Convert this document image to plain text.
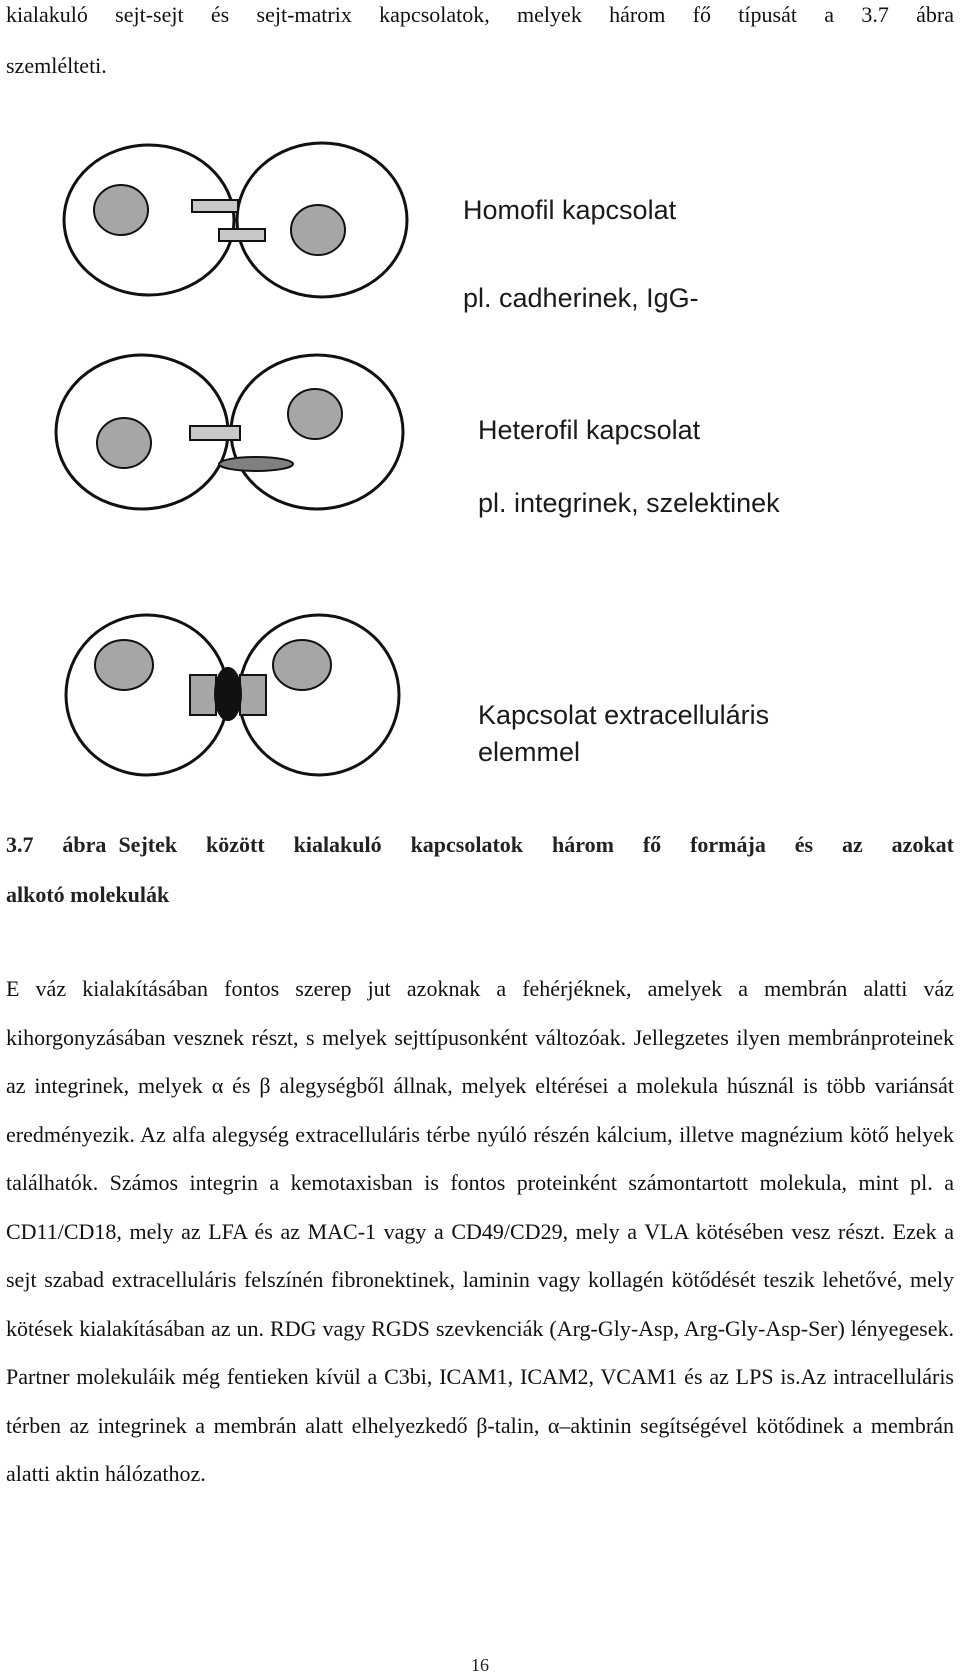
kialakuló sejt-sejt és sejt-matrix kapcsolatok, melyek három fő típusát a 3.7 ábra
szemlélteti.
Homofil kapcsolat
pl. cadherinek, IgG-
Heterofil kapcsolat
pl. integrinek, szelektinek
Kapcsolat extracelluláris
elemmel
3.7 ábra Sejtek között kialakuló kapcsolatok három fő formája és az azokat
alkotó molekulák

E váz kialakításában fontos szerep jut azoknak a fehérjéknek, amelyek a membrán alatti váz kihorgonyzásában vesznek részt, s melyek sejttípusonként változóak. Jellegzetes ilyen membránproteinek az integrinek, melyek α és β alegységből állnak, melyek eltérései a molekula húsznál is több variánsát eredményezik. Az alfa alegység extracelluláris térbe nyúló részén kálcium, illetve magnézium kötő helyek találhatók. Számos integrin a kemotaxisban is fontos proteinként számontartott molekula, mint pl. a CD11/CD18, mely az LFA és az MAC-1 vagy a CD49/CD29, mely a VLA kötésében vesz részt. Ezek a sejt szabad extracelluláris felszínén fibronektinek, laminin vagy kollagén kötődését teszik lehetővé, mely kötések kialakításában az un. RDG vagy RGDS szevkenciák (Arg-Gly-Asp, Arg-Gly-Asp-Ser) lényegesek. Partner molekuláik még fentieken kívül a C3bi, ICAM1, ICAM2, VCAM1 és az LPS is.Az intracelluláris térben az integrinek a membrán alatt elhelyezkedő β-talin, α–aktinin segítségével kötődinek a membrán alatti aktin hálózathoz.

16
